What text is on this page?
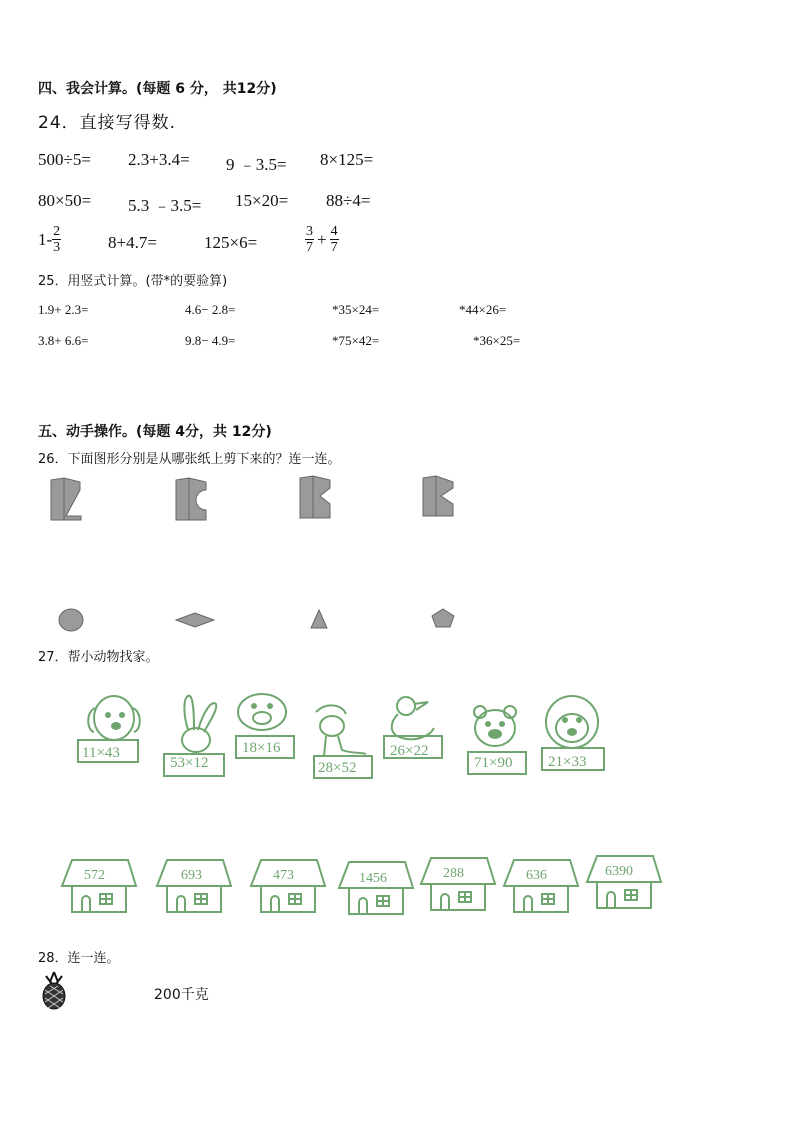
四、我会计算。(每题 6 分， 共12分)
24．直接写得数.
500÷5= 2.3+3.4= 9 ﹣3.5= 8×125=
80×50= 5.3 ﹣3.5= 15×20= 88÷4=
$1- \frac{2}{3}$	8+4.7=	125×6=	$\frac{3}{7} + \frac{4}{7}$
25．用竖式计算。(带*的要验算)
1.9+ 2.3=	4.6− 2.8=	*35×24=	*44×26=
3.8+ 6.6=	9.8− 4.9=	*75×42=	*36×25=
五、动手操作。(每题 4分，共 12分)
26．下面图形分别是从哪张纸上剪下来的？连一连。
27．帮小动物找家。
11×43
53×12
18×16
28×52
26×22
71×90 21×33
572	693	473	1456	288	636	6390
28．连一连。
200千克
